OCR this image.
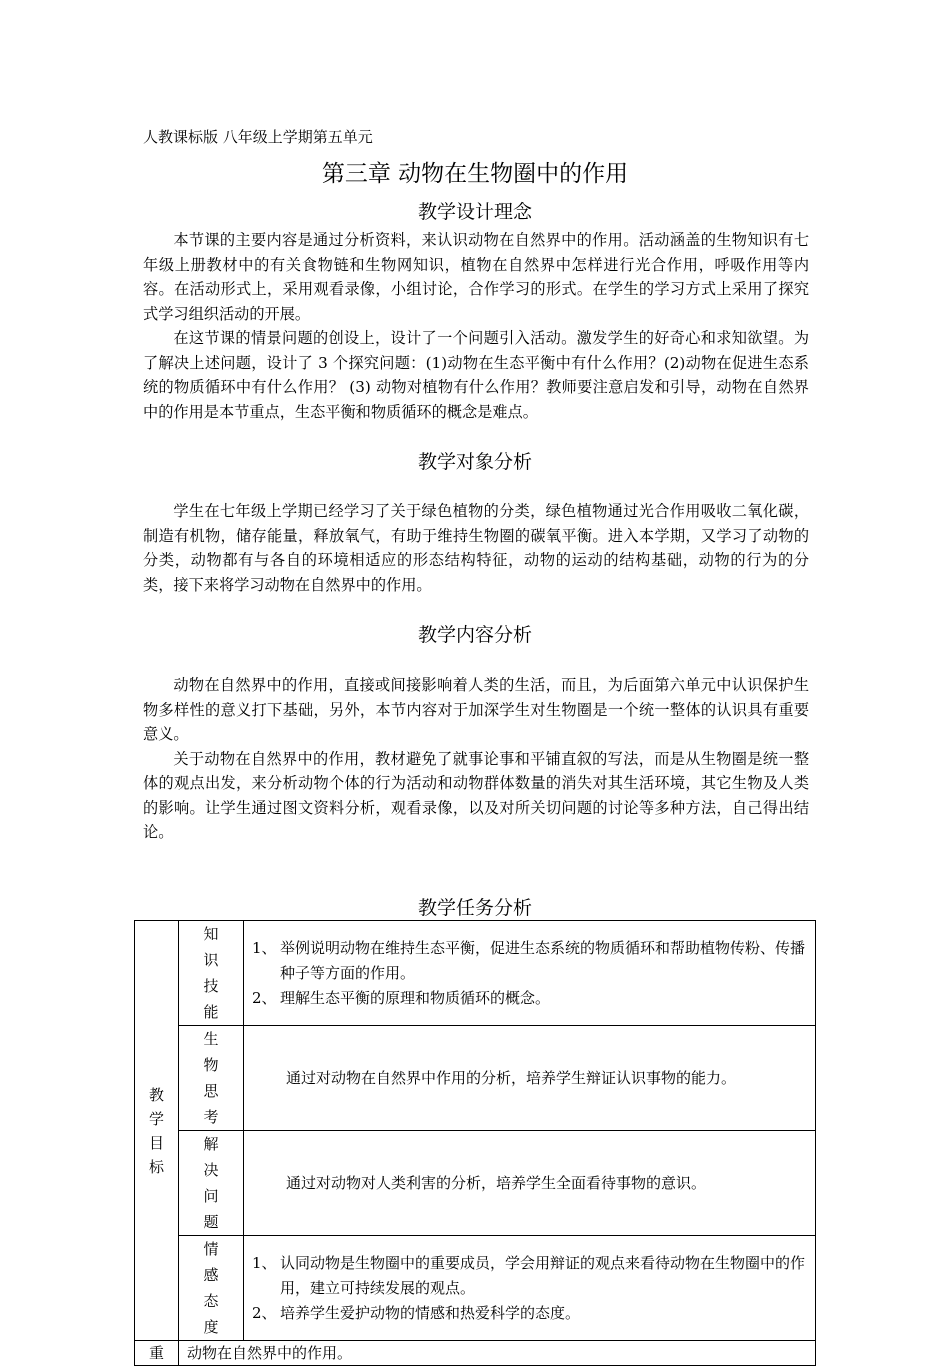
人教课标版 八年级上学期第五单元
第三章 动物在生物圈中的作用
教学设计理念

本节课的主要内容是通过分析资料，来认识动物在自然界中的作用。活动涵盖的生物知识有七年级上册教材中的有关食物链和生物网知识，植物在自然界中怎样进行光合作用，呼吸作用等内容。在活动形式上，采用观看录像，小组讨论，合作学习的形式。在学生的学习方式上采用了探究式学习组织活动的开展。

在这节课的情景问题的创设上，设计了一个问题引入活动。激发学生的好奇心和求知欲望。为了解决上述问题，设计了 3 个探究问题：(1)动物在生态平衡中有什么作用？(2)动物在促进生态系统的物质循环中有什么作用？ (3) 动物对植物有什么作用？教师要注意启发和引导，动物在自然界中的作用是本节重点，生态平衡和物质循环的概念是难点。

教学对象分析

学生在七年级上学期已经学习了关于绿色植物的分类，绿色植物通过光合作用吸收二氧化碳，制造有机物，储存能量，释放氧气，有助于维持生物圈的碳氧平衡。进入本学期，又学习了动物的分类，动物都有与各自的环境相适应的形态结构特征，动物的运动的结构基础，动物的行为的分类，接下来将学习动物在自然界中的作用。

教学内容分析

动物在自然界中的作用，直接或间接影响着人类的生活，而且，为后面第六单元中认识保护生物多样性的意义打下基础，另外，本节内容对于加深学生对生物圈是一个统一整体的认识具有重要意义。

关于动物在自然界中的作用，教材避免了就事论事和平铺直叙的写法，而是从生物圈是统一整体的观点出发，来分析动物个体的行为活动和动物群体数量的消失对其生活环境，其它生物及人类的影响。让学生通过图文资料分析，观看录像，以及对所关切问题的讨论等多种方法，自己得出结论。

教学任务分析
教学目标	知识技能	1、 举例说明动物在维持生态平衡，促进生态系统的物质循环和帮助植物传粉、传播种子等方面的作用。
2、 理解生态平衡的原理和物质循环的概念。

	生物思考	通过对动物在自然界中作用的分析，培养学生辩证认识事物的能力。

	解决问题	通过对动物对人类利害的分析，培养学生全面看待事物的意识。

	情感态度	1、 认同动物是生物圈中的重要成员，学会用辩证的观点来看待动物在生物圈中的作用，建立可持续发展的观点。
2、 培养学生爱护动物的情感和热爱科学的态度。

重	动物在自然界中的作用。	
